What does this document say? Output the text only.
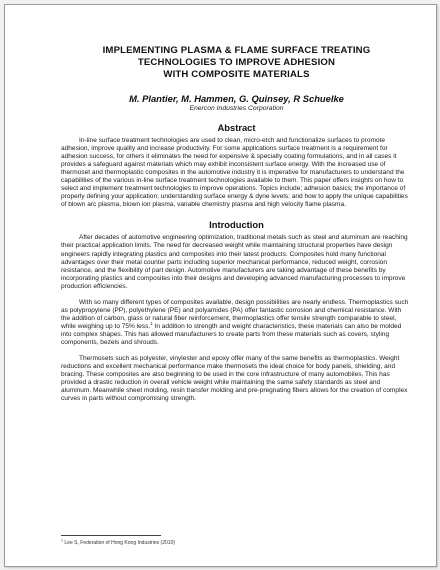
IMPLEMENTING PLASMA & FLAME SURFACE TREATING
TECHNOLOGIES TO IMPROVE ADHESION
WITH COMPOSITE MATERIALS

M. Plantier, M. Hammen, G. Quinsey, R Schuelke

Enercon Industries Corporation

Abstract

In-line surface treatment technologies are used to clean, micro-etch and functionalize surfaces to promote adhesion, improve quality and increase productivity. For some applications surface treatment is a requirement for adhesion success, for others it eliminates the need for expensive & specialty coating formulations, and in all cases it provides a safeguard against materials which may exhibit inconsistent surface energy. With the increased use of thermoset and thermoplastic composites in the automotive industry it is imperative for manufacturers to understand the capabilities of the various in-line surface treatment technologies available to them. This paper offers insights on how to select and implement treatment technologies to improve operations. Topics include; adhesion basics; the importance of properly defining your application; understanding surface energy & dyne levels; and how to apply the unique capabilities of blown arc plasma, blown ion plasma, variable chemistry plasma and high velocity flame plasma.

Introduction

After decades of automotive engineering optimization, traditional metals such as steel and aluminum are reaching their practical application limits. The need for decreased weight while maintaining structural properties have design engineers rapidly integrating plastics and composites into their latest products. Composites hold many functional advantages over their metal counter parts including superior mechanical performance, reduced weight, corrosion resistance, and the flexibility of part design. Automotive manufacturers are taking advantage of these benefits by incorporating plastics and composites into their designs and developing advanced manufacturing processes to improve production efficiencies.

With so many different types of composites available, design possibilities are nearly endless. Thermoplastics such as polypropylene (PP), polyethylene (PE) and polyamides (PA) offer fantastic corrosion and chemical resistance. With the addition of carbon, glass or natural fiber reinforcement, thermoplastics offer tensile strength comparable to steel, while weighing up to 75% less.$^1$ In addition to strength and weight characteristics, these materials can also be molded into complex shapes. This has allowed manufacturers to create parts from these materials such as covers, styling components, bezels and shrouds.

Thermosets such as polyester, vinylester and epoxy offer many of the same benefits as thermoplastics. Weight reductions and excellent mechanical performance make thermosets the ideal choice for body panels, shielding, and bracing. These composites are also beginning to be used in the core infrastructure of many automobiles. This has provided a drastic reduction in overall vehicle weight while maintaining the same safety standards as steel and aluminum. Meanwhile sheet molding, resin transfer molding and pre-pregnating fibers allows for the creation of complex curves in parts without compromising strength.

$^1$ Lee S, Federation of Hong Kong Industries (2010)
